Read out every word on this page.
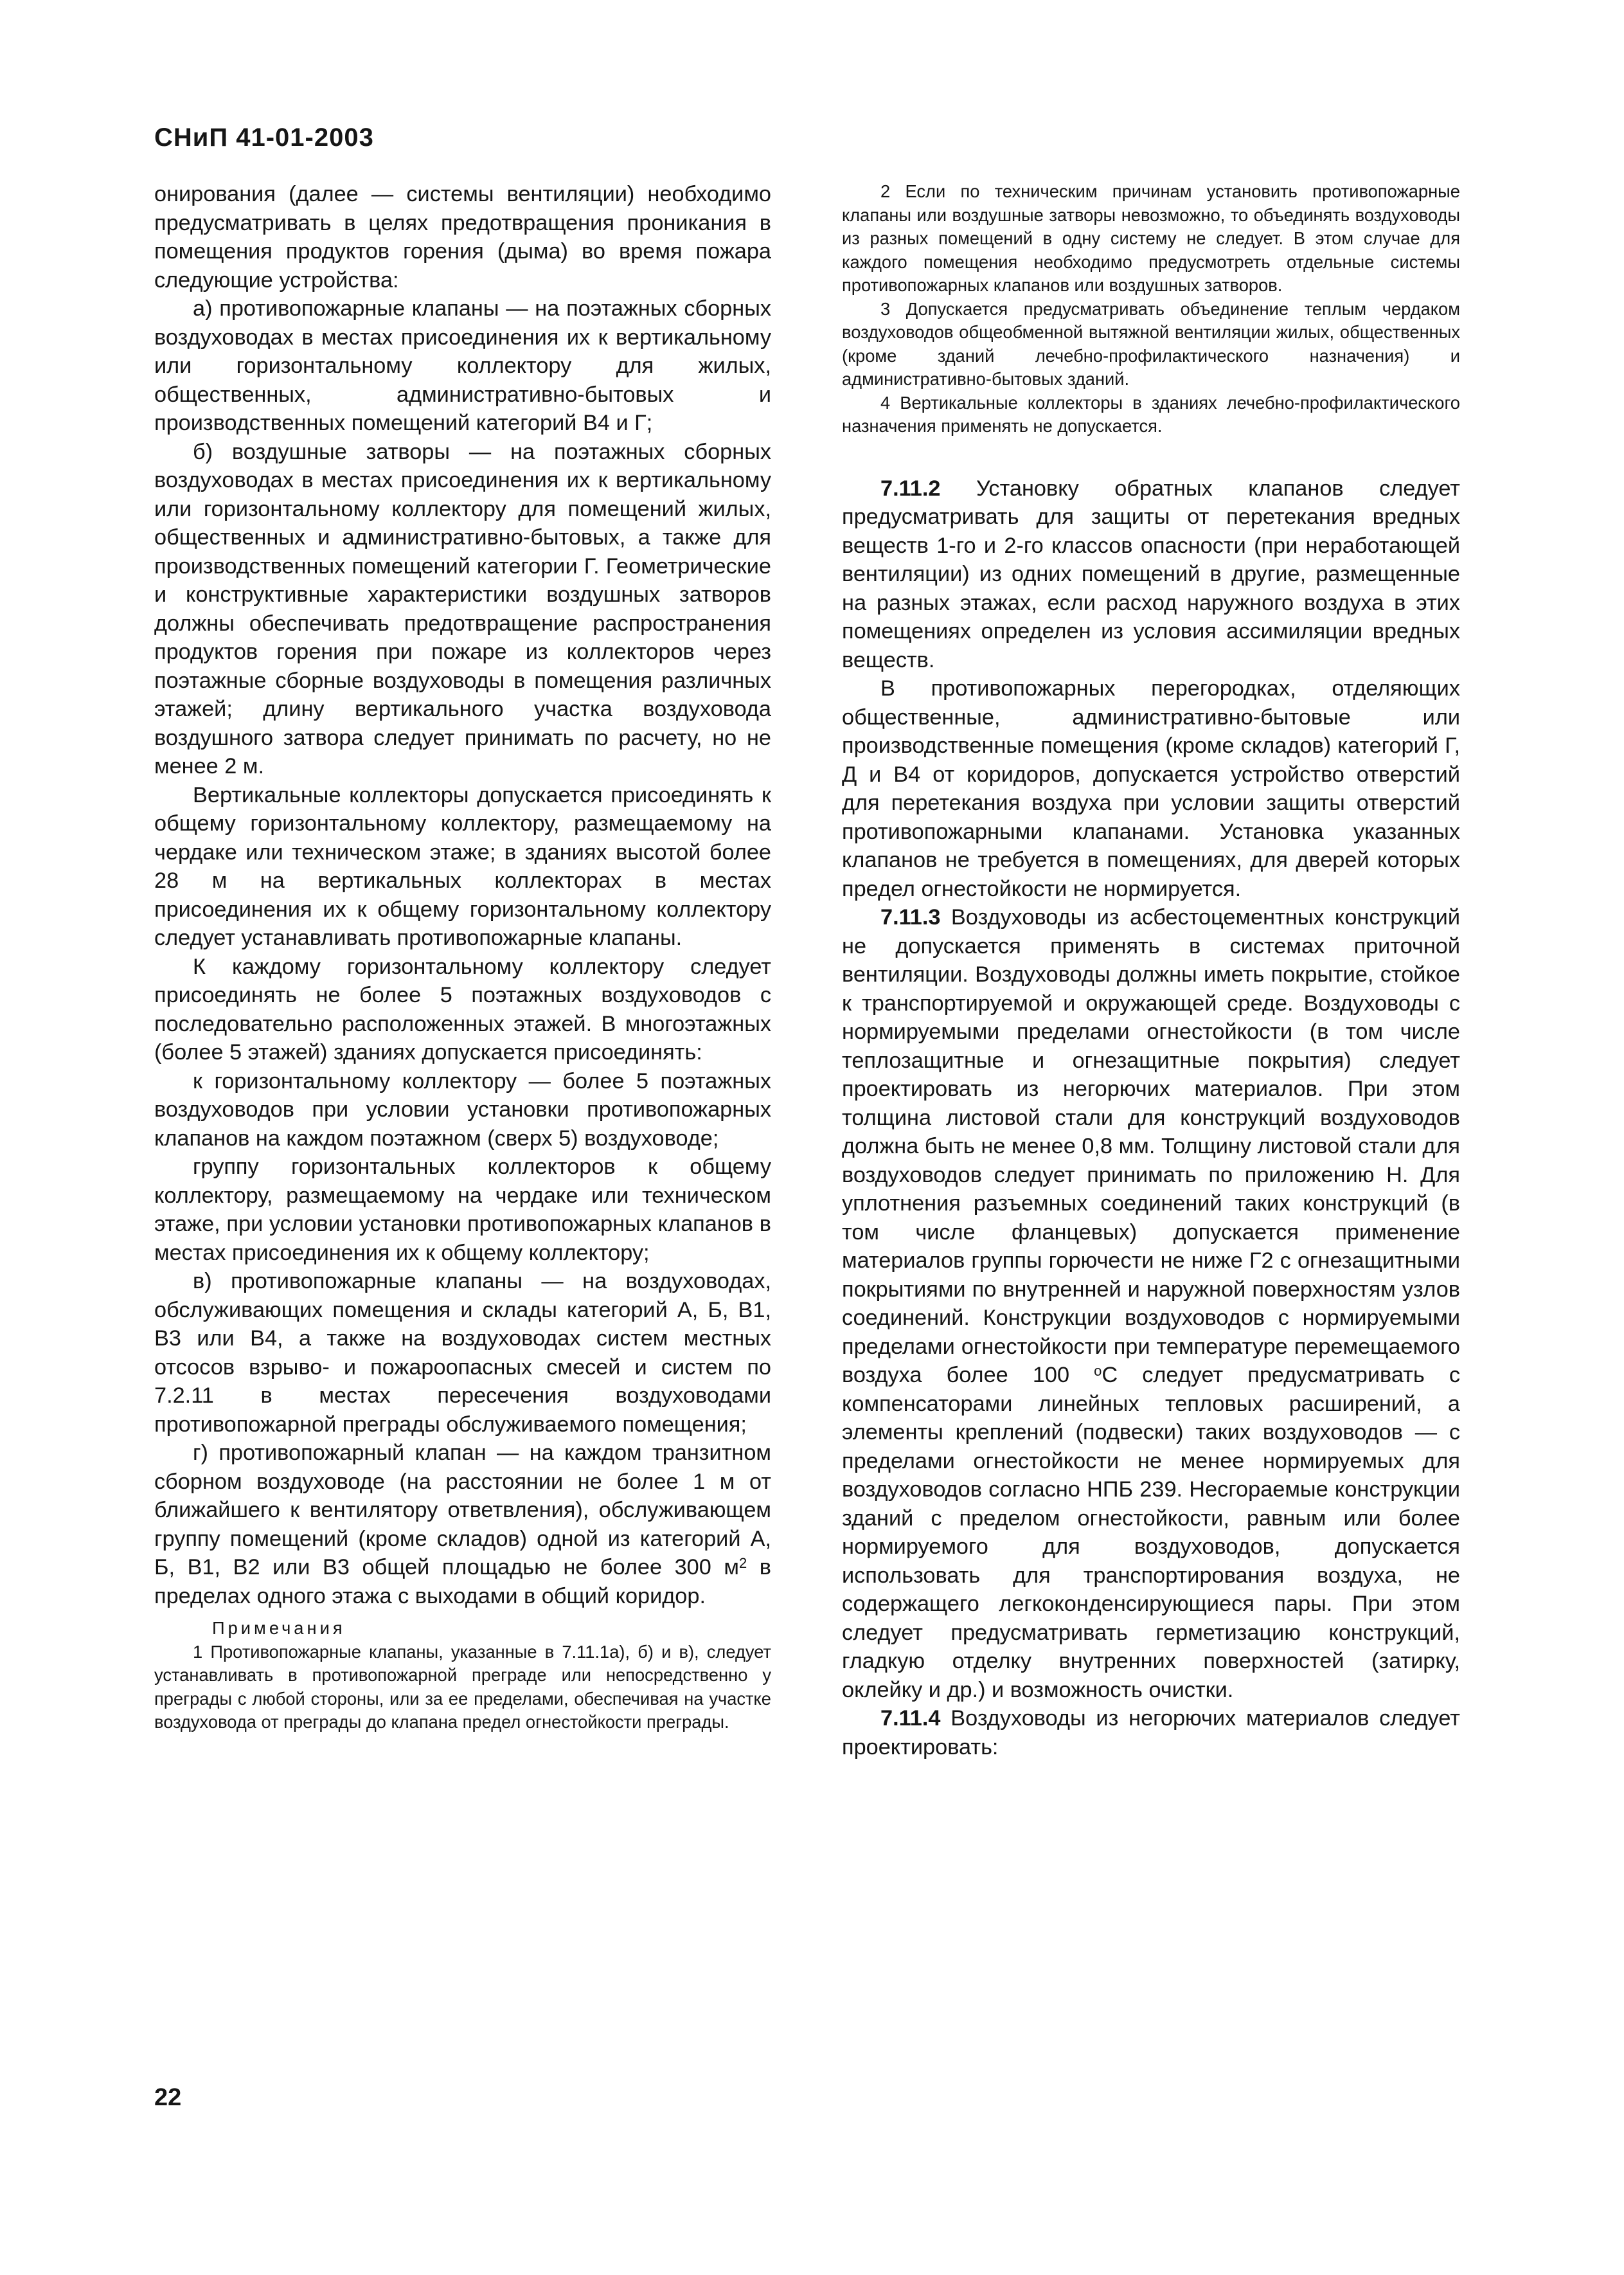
СНиП 41-01-2003

онирования (далее — системы вентиляции) необходимо предусматривать в целях предотвращения проникания в помещения продуктов горения (дыма) во время пожара следующие устройства:

а) противопожарные клапаны — на поэтажных сборных воздуховодах в местах присоединения их к вертикальному или горизонтальному коллектору для жилых, общественных, административно-бытовых и производственных помещений категорий В4 и Г;

б) воздушные затворы — на поэтажных сборных воздуховодах в местах присоединения их к вертикальному или горизонтальному коллектору для помещений жилых, общественных и административно-бытовых, а также для производственных помещений категории Г. Геометрические и конструктивные характеристики воздушных затворов должны обеспечивать предотвращение распространения продуктов горения при пожаре из коллекторов через поэтажные сборные воздуховоды в помещения различных этажей; длину вертикального участка воздуховода воздушного затвора следует принимать по расчету, но не менее 2 м.

Вертикальные коллекторы допускается присоединять к общему горизонтальному коллектору, размещаемому на чердаке или техническом этаже; в зданиях высотой более 28 м на вертикальных коллекторах в местах присоединения их к общему горизонтальному коллектору следует устанавливать противопожарные клапаны.

К каждому горизонтальному коллектору следует присоединять не более 5 поэтажных воздуховодов с последовательно расположенных этажей. В многоэтажных (более 5 этажей) зданиях допускается присоединять:

к горизонтальному коллектору — более 5 поэтажных воздуховодов при условии установки противопожарных клапанов на каждом поэтажном (сверх 5) воздуховоде;

группу горизонтальных коллекторов к общему коллектору, размещаемому на чердаке или техническом этаже, при условии установки противопожарных клапанов в местах присоединения их к общему коллектору;

в) противопожарные клапаны — на воздуховодах, обслуживающих помещения и склады категорий А, Б, В1, В3 или В4, а также на воздуховодах систем местных отсосов взрыво- и пожароопасных смесей и систем по 7.2.11 в местах пересечения воздуховодами противопожарной преграды обслуживаемого помещения;

г) противопожарный клапан — на каждом транзитном сборном воздуховоде (на расстоянии не более 1 м от ближайшего к вентилятору ответвления), обслуживающем группу помещений (кроме складов) одной из категорий А, Б, В1, В2 или В3 общей площадью не более 300 $м^2$ в пределах одного этажа с выходами в общий коридор.

Примечания

1 Противопожарные клапаны, указанные в 7.11.1а), б) и в), следует устанавливать в противопожарной преграде или непосредственно у преграды с любой стороны, или за ее пределами, обеспечивая на участке воздуховода от преграды до клапана предел огнестойкости преграды.

2 Если по техническим причинам установить противопожарные клапаны или воздушные затворы невозможно, то объединять воздуховоды из разных помещений в одну систему не следует. В этом случае для каждого помещения необходимо предусмотреть отдельные системы противопожарных клапанов или воздушных затворов.

3 Допускается предусматривать объединение теплым чердаком воздуховодов общеобменной вытяжной вентиляции жилых, общественных (кроме зданий лечебно-профилактического назначения) и административно-бытовых зданий.

4 Вертикальные коллекторы в зданиях лечебно-профилактического назначения применять не допускается.

7.11.2 Установку обратных клапанов следует предусматривать для защиты от перетекания вредных веществ 1-го и 2-го классов опасности (при неработающей вентиляции) из одних помещений в другие, размещенные на разных этажах, если расход наружного воздуха в этих помещениях определен из условия ассимиляции вредных веществ.

В противопожарных перегородках, отделяющих общественные, административно-бытовые или производственные помещения (кроме складов) категорий Г, Д и В4 от коридоров, допускается устройство отверстий для перетекания воздуха при условии защиты отверстий противопожарными клапанами. Установка указанных клапанов не требуется в помещениях, для дверей которых предел огнестойкости не нормируется.

7.11.3 Воздуховоды из асбестоцементных конструкций не допускается применять в системах приточной вентиляции. Воздуховоды должны иметь покрытие, стойкое к транспортируемой и окружающей среде. Воздуховоды с нормируемыми пределами огнестойкости (в том числе теплозащитные и огнезащитные покрытия) следует проектировать из негорючих материалов. При этом толщина листовой стали для конструкций воздуховодов должна быть не менее 0,8 мм. Толщину листовой стали для воздуховодов следует принимать по приложению Н. Для уплотнения разъемных соединений таких конструкций (в том числе фланцевых) допускается применение материалов группы горючести не ниже Г2 с огнезащитными покрытиями по внутренней и наружной поверхностям узлов соединений. Конструкции воздуховодов с нормируемыми пределами огнестойкости при температуре перемещаемого воздуха более 100 $^о$С следует предусматривать с компенсаторами линейных тепловых расширений, а элементы креплений (подвески) таких воздуховодов — с пределами огнестойкости не менее нормируемых для воздуховодов согласно НПБ 239. Несгораемые конструкции зданий с пределом огнестойкости, равным или более нормируемого для воздуховодов, допускается использовать для транспортирования воздуха, не содержащего легкоконденсирующиеся пары. При этом следует предусматривать герметизацию конструкций, гладкую отделку внутренних поверхностей (затирку, оклейку и др.) и возможность очистки.

7.11.4 Воздуховоды из негорючих материалов следует проектировать:

22
